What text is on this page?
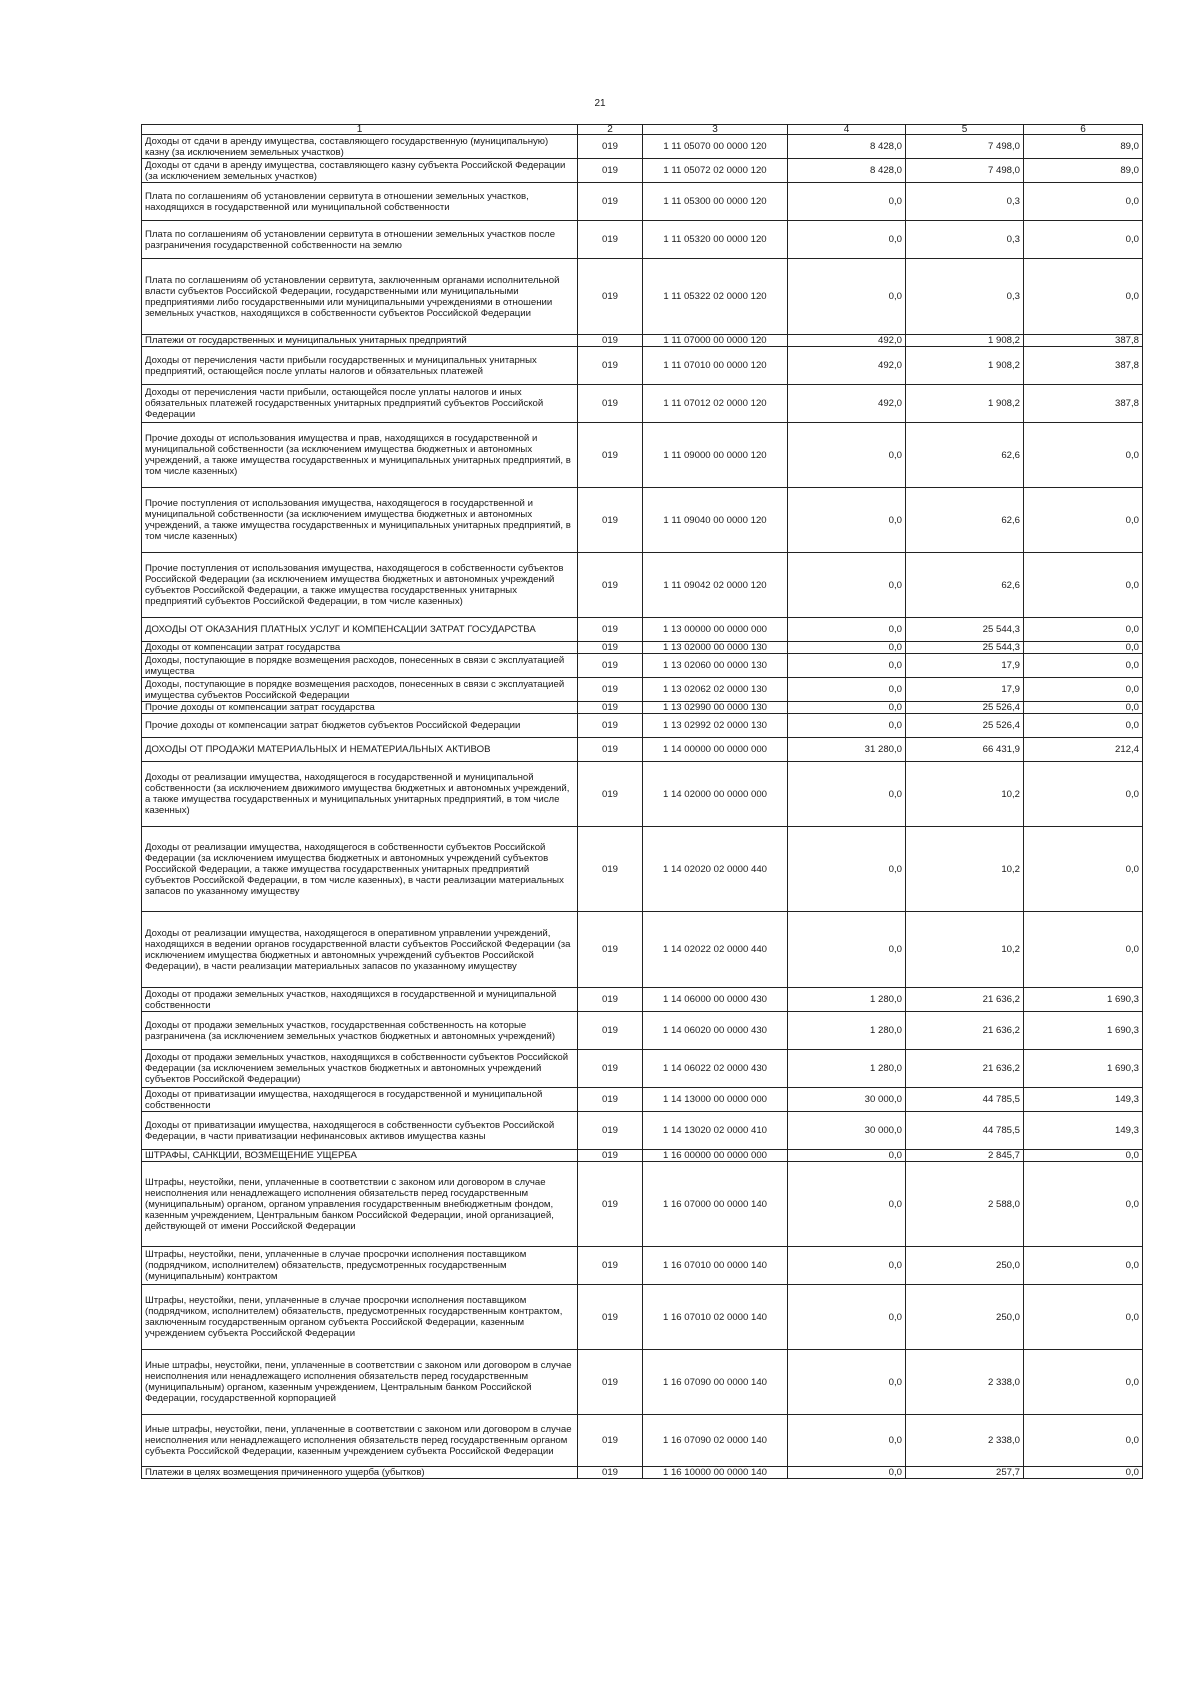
21
1	2	3	4	5	6
Доходы от сдачи в аренду имущества, составляющего государственную (муниципальную) казну (за исключением земельных участков)	019	1 11 05070 00 0000 120	8 428,0	7 498,0	89,0
Доходы от сдачи в аренду имущества, составляющего казну субъекта Российской Федерации (за исключением земельных участков)	019	1 11 05072 02 0000 120	8 428,0	7 498,0	89,0
Плата по соглашениям об установлении сервитута в отношении земельных участков, находящихся в государственной или муниципальной собственности	019	1 11 05300 00 0000 120	0,0	0,3	0,0
Плата по соглашениям об установлении сервитута в отношении земельных участков после разграничения государственной собственности на землю	019	1 11 05320 00 0000 120	0,0	0,3	0,0
Плата по соглашениям об установлении сервитута, заключенным органами исполнительной власти субъектов Российской Федерации, государственными или муниципальными предприятиями либо государственными или муниципальными учреждениями в отношении земельных участков, находящихся в собственности субъектов Российской Федерации	019	1 11 05322 02 0000 120	0,0	0,3	0,0
Платежи от государственных и муниципальных унитарных предприятий	019	1 11 07000 00 0000 120	492,0	1 908,2	387,8
Доходы от перечисления части прибыли государственных и муниципальных унитарных предприятий, остающейся после уплаты налогов и обязательных платежей	019	1 11 07010 00 0000 120	492,0	1 908,2	387,8
Доходы от перечисления части прибыли, остающейся после уплаты налогов и иных обязательных платежей государственных унитарных предприятий субъектов Российской Федерации	019	1 11 07012 02 0000 120	492,0	1 908,2	387,8
Прочие доходы от использования имущества и прав, находящихся в государственной и муниципальной собственности (за исключением имущества бюджетных и автономных учреждений, а также имущества государственных и муниципальных унитарных предприятий, в том числе казенных)	019	1 11 09000 00 0000 120	0,0	62,6	0,0
Прочие поступления от использования имущества, находящегося в государственной и муниципальной собственности (за исключением имущества бюджетных и автономных учреждений, а также имущества государственных и муниципальных унитарных предприятий, в том числе казенных)	019	1 11 09040 00 0000 120	0,0	62,6	0,0
Прочие поступления от использования имущества, находящегося в собственности субъектов Российской Федерации (за исключением имущества бюджетных и автономных учреждений субъектов Российской Федерации, а также имущества государственных унитарных предприятий субъектов Российской Федерации, в том числе казенных)	019	1 11 09042 02 0000 120	0,0	62,6	0,0
ДОХОДЫ ОТ ОКАЗАНИЯ ПЛАТНЫХ УСЛУГ И КОМПЕНСАЦИИ ЗАТРАТ ГОСУДАРСТВА	019	1 13 00000 00 0000 000	0,0	25 544,3	0,0
Доходы от компенсации затрат государства	019	1 13 02000 00 0000 130	0,0	25 544,3	0,0
Доходы, поступающие в порядке возмещения расходов, понесенных в связи с эксплуатацией имущества	019	1 13 02060 00 0000 130	0,0	17,9	0,0
Доходы, поступающие в порядке возмещения расходов, понесенных в связи с эксплуатацией имущества субъектов Российской Федерации	019	1 13 02062 02 0000 130	0,0	17,9	0,0
Прочие доходы от компенсации затрат государства	019	1 13 02990 00 0000 130	0,0	25 526,4	0,0
Прочие доходы от компенсации затрат бюджетов субъектов Российской Федерации	019	1 13 02992 02 0000 130	0,0	25 526,4	0,0
ДОХОДЫ ОТ ПРОДАЖИ МАТЕРИАЛЬНЫХ И НЕМАТЕРИАЛЬНЫХ АКТИВОВ	019	1 14 00000 00 0000 000	31 280,0	66 431,9	212,4
Доходы от реализации имущества, находящегося в государственной и муниципальной собственности (за исключением движимого имущества бюджетных и автономных учреждений, а также имущества государственных и муниципальных унитарных предприятий, в том числе казенных)	019	1 14 02000 00 0000 000	0,0	10,2	0,0
Доходы от реализации имущества, находящегося в собственности субъектов Российской Федерации (за исключением имущества бюджетных и автономных учреждений субъектов Российской Федерации, а также имущества государственных унитарных предприятий субъектов Российской Федерации, в том числе казенных), в части реализации материальных запасов по указанному имуществу	019	1 14 02020 02 0000 440	0,0	10,2	0,0
Доходы от реализации имущества, находящегося в оперативном управлении учреждений, находящихся в ведении органов государственной власти субъектов Российской Федерации (за исключением имущества бюджетных и автономных учреждений субъектов Российской Федерации), в части реализации материальных запасов по указанному имуществу	019	1 14 02022 02 0000 440	0,0	10,2	0,0
Доходы от продажи земельных участков, находящихся в государственной и муниципальной собственности	019	1 14 06000 00 0000 430	1 280,0	21 636,2	1 690,3
Доходы от продажи земельных участков, государственная собственность на которые разграничена (за исключением земельных участков бюджетных и автономных учреждений)	019	1 14 06020 00 0000 430	1 280,0	21 636,2	1 690,3
Доходы от продажи земельных участков, находящихся в собственности субъектов Российской Федерации (за исключением земельных участков бюджетных и автономных учреждений субъектов Российской Федерации)	019	1 14 06022 02 0000 430	1 280,0	21 636,2	1 690,3
Доходы от приватизации имущества, находящегося в государственной и муниципальной собственности	019	1 14 13000 00 0000 000	30 000,0	44 785,5	149,3
Доходы от приватизации имущества, находящегося в собственности субъектов Российской Федерации, в части приватизации нефинансовых активов имущества казны	019	1 14 13020 02 0000 410	30 000,0	44 785,5	149,3
ШТРАФЫ, САНКЦИИ, ВОЗМЕЩЕНИЕ УЩЕРБА	019	1 16 00000 00 0000 000	0,0	2 845,7	0,0
Штрафы, неустойки, пени, уплаченные в соответствии с законом или договором в случае неисполнения или ненадлежащего исполнения обязательств перед государственным (муниципальным) органом, органом управления государственным внебюджетным фондом, казенным учреждением, Центральным банком Российской Федерации, иной организацией, действующей от имени Российской Федерации	019	1 16 07000 00 0000 140	0,0	2 588,0	0,0
Штрафы, неустойки, пени, уплаченные в случае просрочки исполнения поставщиком (подрядчиком, исполнителем) обязательств, предусмотренных государственным (муниципальным) контрактом	019	1 16 07010 00 0000 140	0,0	250,0	0,0
Штрафы, неустойки, пени, уплаченные в случае просрочки исполнения поставщиком (подрядчиком, исполнителем) обязательств, предусмотренных государственным контрактом, заключенным государственным органом субъекта Российской Федерации, казенным учреждением субъекта Российской Федерации	019	1 16 07010 02 0000 140	0,0	250,0	0,0
Иные штрафы, неустойки, пени, уплаченные в соответствии с законом или договором в случае неисполнения или ненадлежащего исполнения обязательств перед государственным (муниципальным) органом, казенным учреждением, Центральным банком Российской Федерации, государственной корпорацией	019	1 16 07090 00 0000 140	0,0	2 338,0	0,0
Иные штрафы, неустойки, пени, уплаченные в соответствии с законом или договором в случае неисполнения или ненадлежащего исполнения обязательств перед государственным органом субъекта Российской Федерации, казенным учреждением субъекта Российской Федерации	019	1 16 07090 02 0000 140	0,0	2 338,0	0,0
Платежи в целях возмещения причиненного ущерба (убытков)	019	1 16 10000 00 0000 140	0,0	257,7	0,0
